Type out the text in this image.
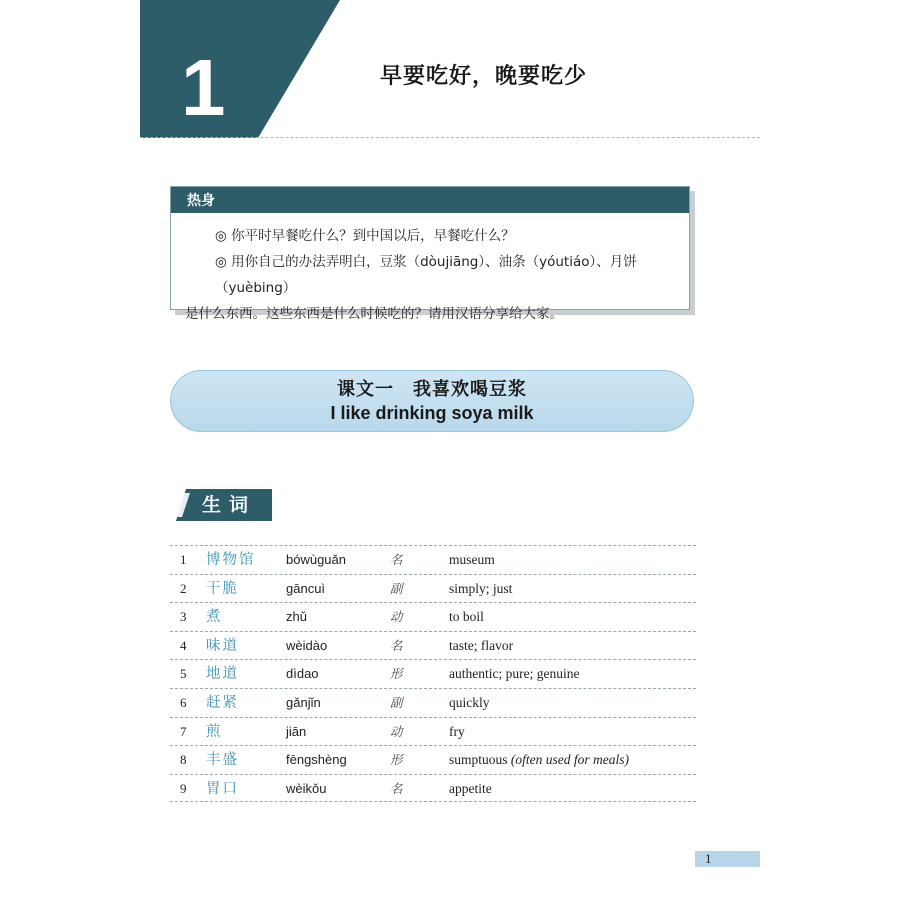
1	早要吃好，晚要吃少
热身

◎ 你平时早餐吃什么？到中国以后，早餐吃什么？

◎ 用你自己的办法弄明白，豆浆（dòujiāng）、油条（yóutiáo）、月饼（yuèbing）

是什么东西。这些东西是什么时候吃的？请用汉语分享给大家。

课文一　我喜欢喝豆浆
I like drinking soya milk
生词
1 博物馆 bówùguǎn	名	museum
2 干脆	gāncuì	副	simply; just
3 煮	zhǔ	动	to boil
4 味道	wèidào	名	taste; flavor
5 地道	dìdao	形	authentic; pure; genuine
6 赶紧	gǎnjǐn	副	quickly
7 煎	jiān	动	fry
8 丰盛	fēngshèng	形	sumptuous (often used for meals)
9 胃口	wèikǒu	名	appetite
1
